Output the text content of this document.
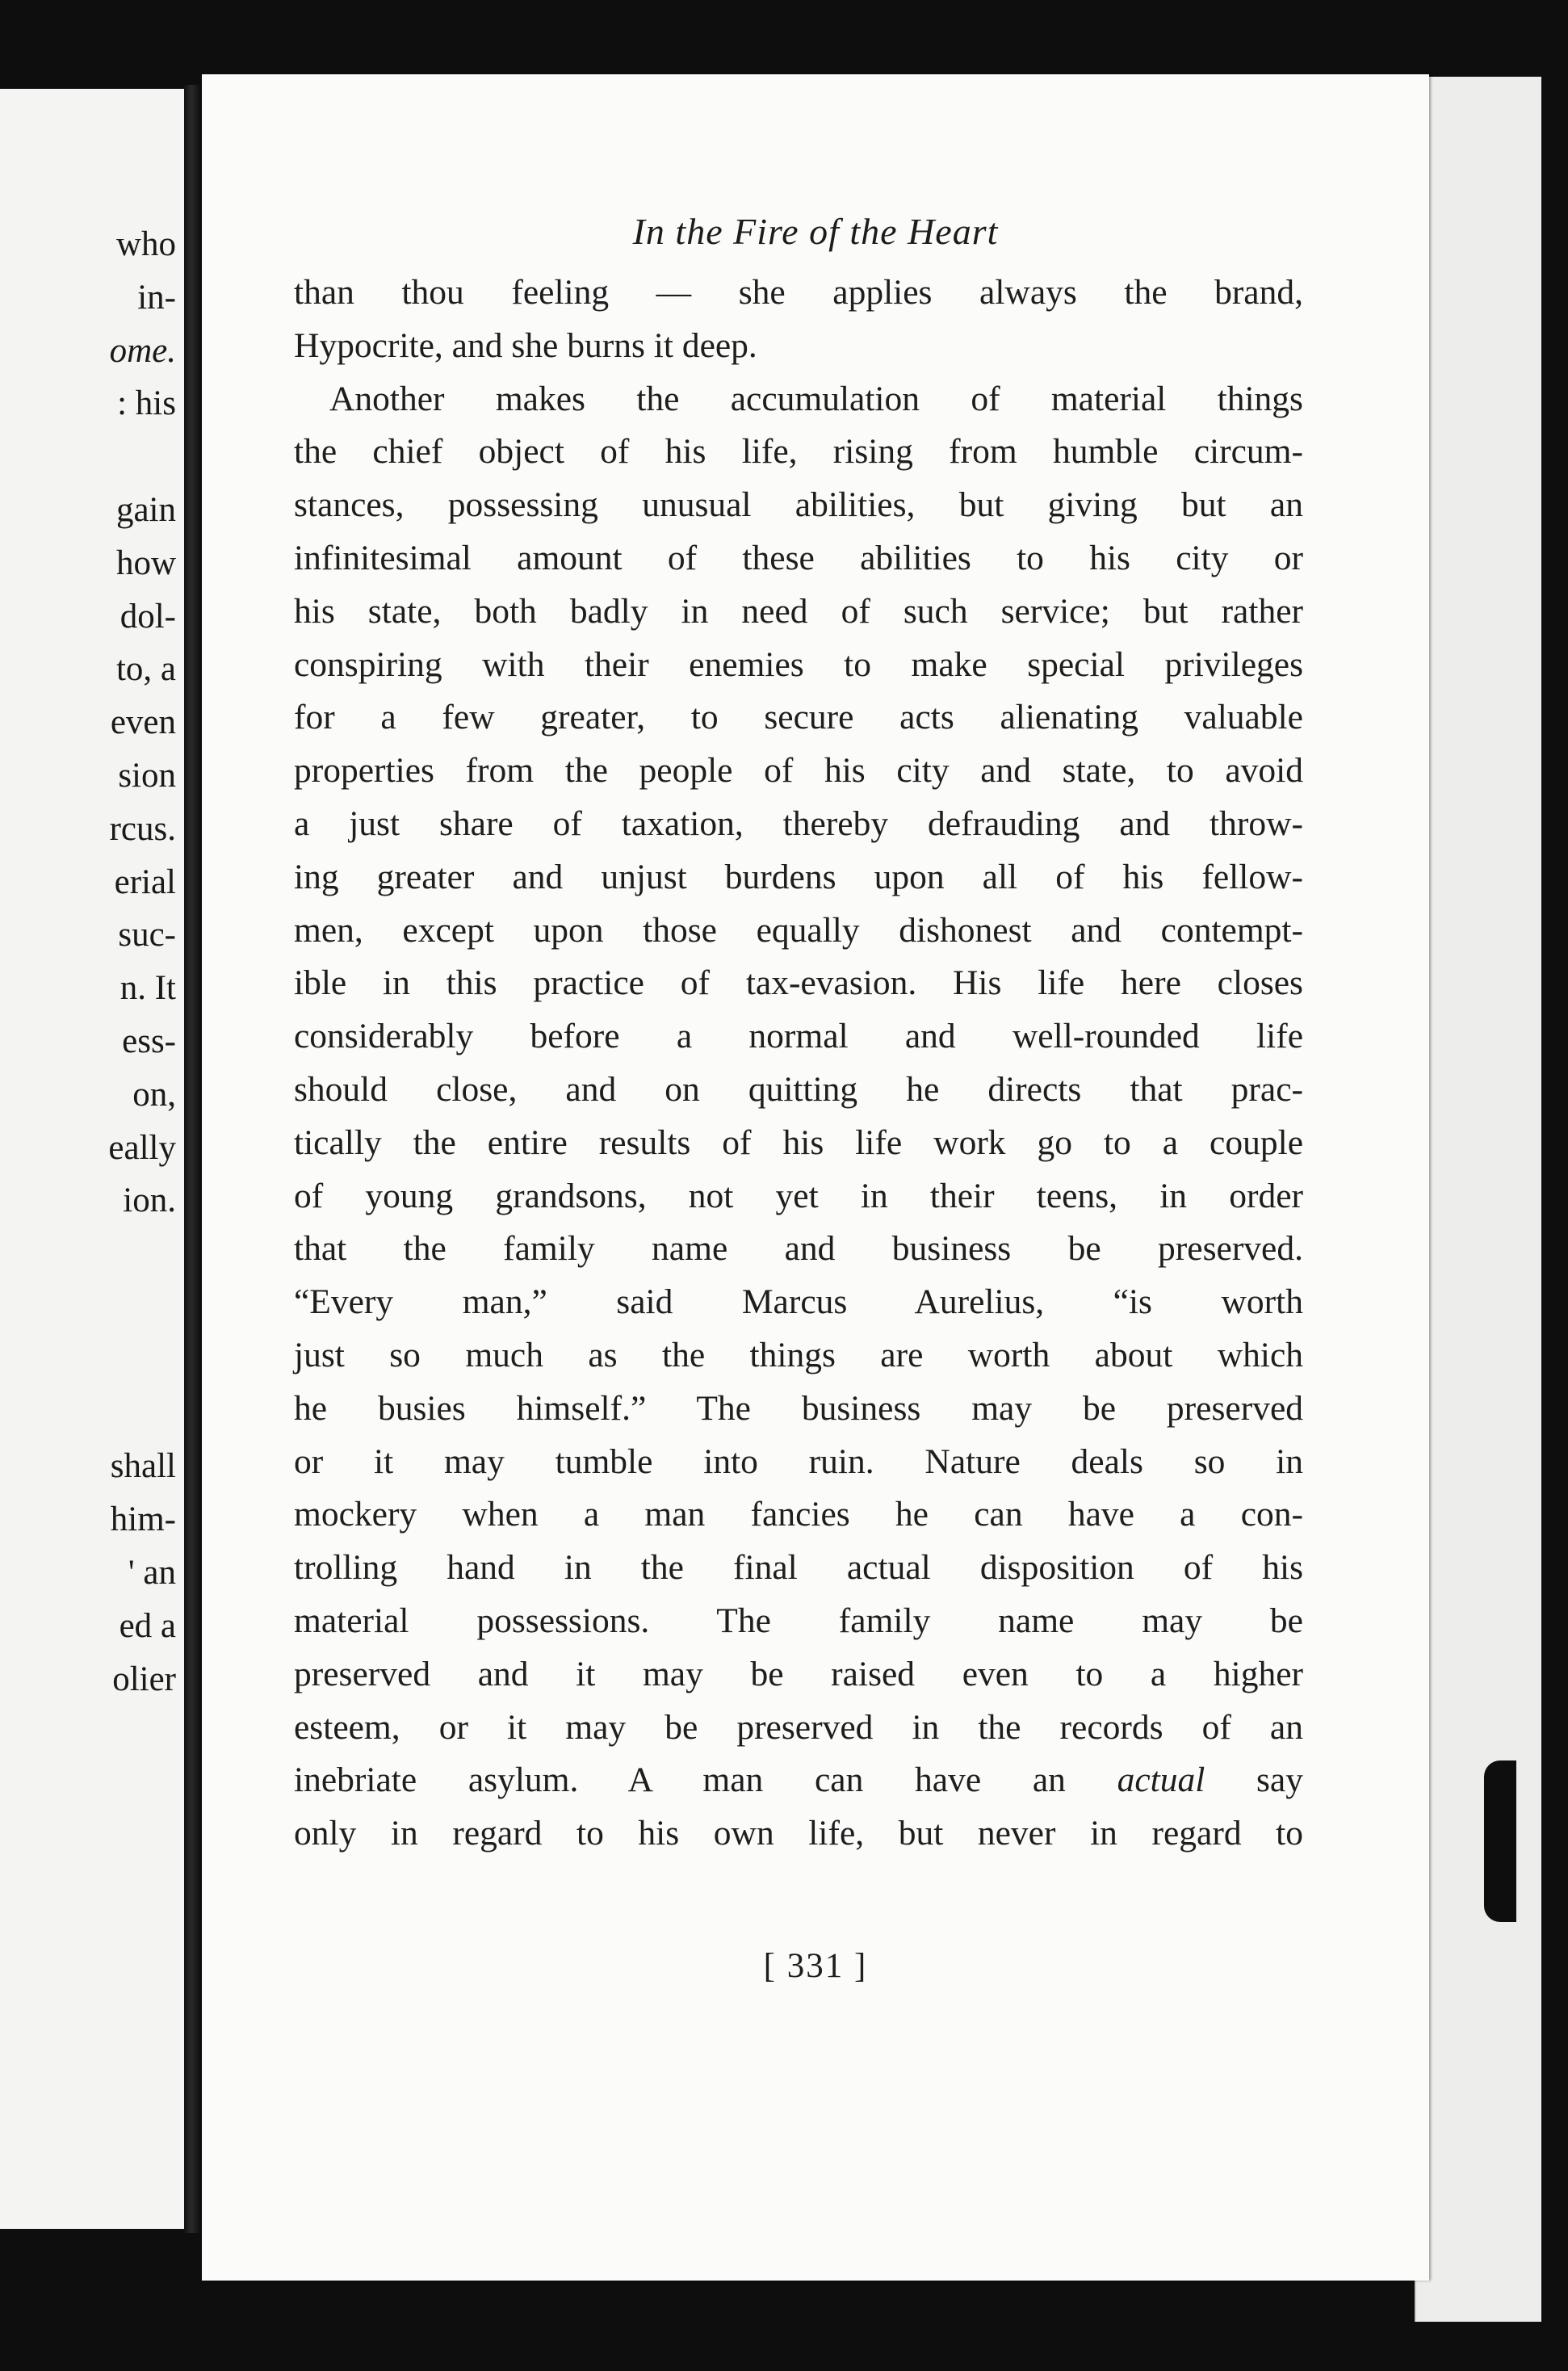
who
in-
ome.
: his
gain
how
dol-
to, a
even
sion
rcus.
erial
suc-
n. It
ess-
on,
eally
ion.
shall
him-
' an
ed a
olier
In the Fire of the Heart
than thou feeling — she applies always the brand,
Hypocrite, and she burns it deep.
Another makes the accumulation of material things
the chief object of his life, rising from humble circum-
stances, possessing unusual abilities, but giving but an
infinitesimal amount of these abilities to his city or
his state, both badly in need of such service; but rather
conspiring with their enemies to make special privileges
for a few greater, to secure acts alienating valuable
properties from the people of his city and state, to avoid
a just share of taxation, thereby defrauding and throw-
ing greater and unjust burdens upon all of his fellow-
men, except upon those equally dishonest and contempt-
ible in this practice of tax-evasion. His life here closes
considerably before a normal and well-rounded life
should close, and on quitting he directs that prac-
tically the entire results of his life work go to a couple
of young grandsons, not yet in their teens, in order
that the family name and business be preserved.
“Every man,” said Marcus Aurelius, “is worth
just so much as the things are worth about which
he busies himself.” The business may be preserved
or it may tumble into ruin. Nature deals so in
mockery when a man fancies he can have a con-
trolling hand in the final actual disposition of his
material possessions. The family name may be
preserved and it may be raised even to a higher
esteem, or it may be preserved in the records of an
inebriate asylum. A man can have an actual say
only in regard to his own life, but never in regard to
[ 331 ]
